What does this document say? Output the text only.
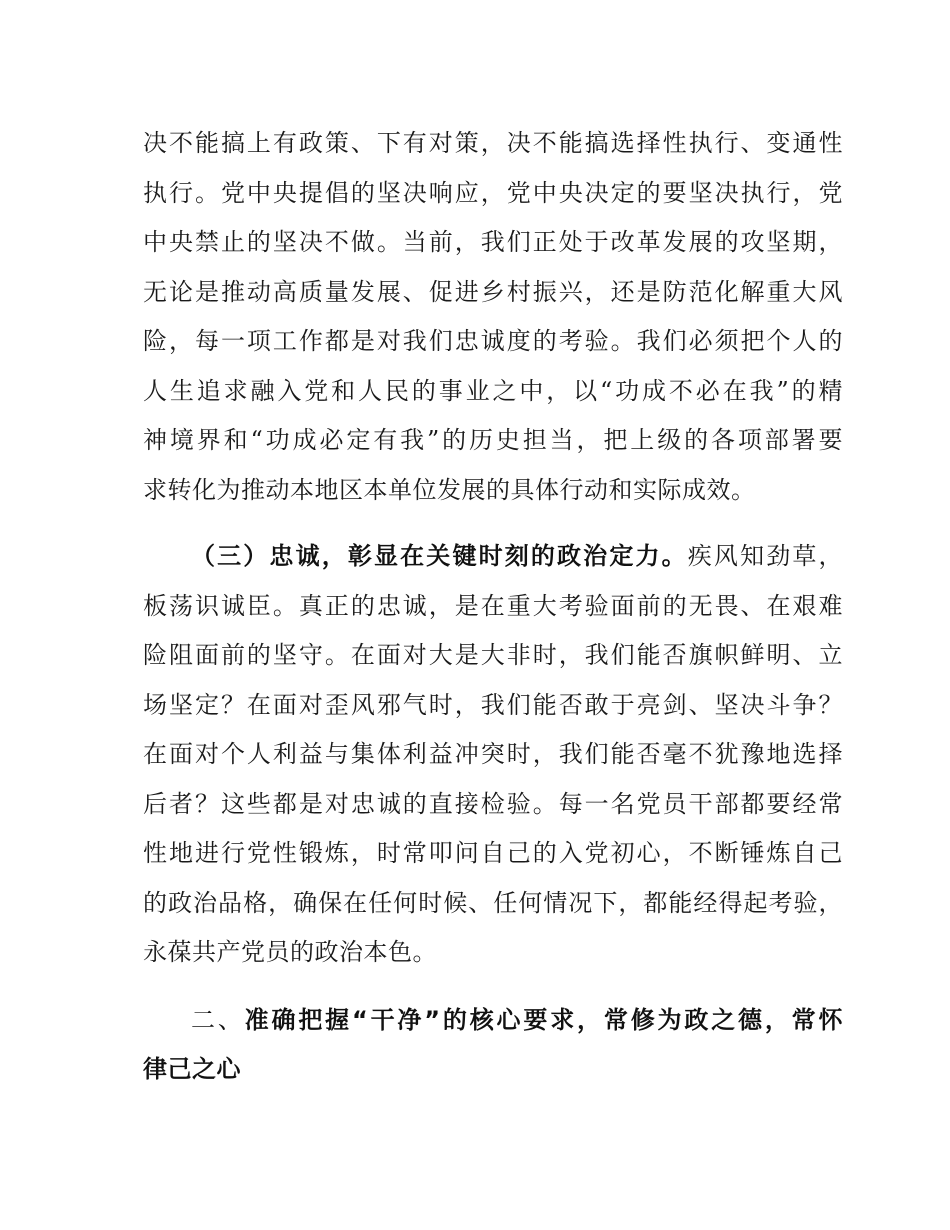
决不能搞上有政策、下有对策，决不能搞选择性执行、变通性
执行。党中央提倡的坚决响应，党中央决定的要坚决执行，党
中央禁止的坚决不做。当前，我们正处于改革发展的攻坚期，
无论是推动高质量发展、促进乡村振兴，还是防范化解重大风
险，每一项工作都是对我们忠诚度的考验。我们必须把个人的
人生追求融入党和人民的事业之中，以“功成不必在我”的精
神境界和“功成必定有我”的历史担当，把上级的各项部署要
求转化为推动本地区本单位发展的具体行动和实际成效。
（三）忠诚，彰显在关键时刻的政治定力。疾风知劲草，
板荡识诚臣。真正的忠诚，是在重大考验面前的无畏、在艰难
险阻面前的坚守。在面对大是大非时，我们能否旗帜鲜明、立
场坚定？在面对歪风邪气时，我们能否敢于亮剑、坚决斗争？
在面对个人利益与集体利益冲突时，我们能否毫不犹豫地选择
后者？这些都是对忠诚的直接检验。每一名党员干部都要经常
性地进行党性锻炼，时常叩问自己的入党初心，不断锤炼自己
的政治品格，确保在任何时候、任何情况下，都能经得起考验，
永葆共产党员的政治本色。
二、准确把握“干净”的核心要求，常修为政之德，常怀
律己之心
